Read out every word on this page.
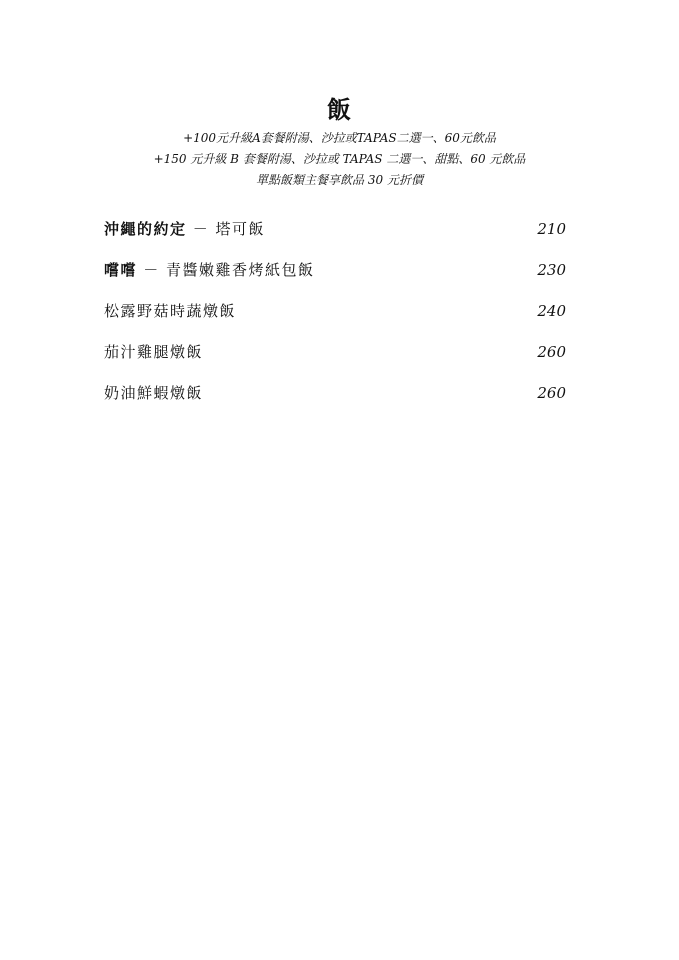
飯
+100元升級A套餐附湯、沙拉或TAPAS二選一、60元飲品
+150 元升級 B 套餐附湯、沙拉或 TAPAS 二選一、甜點、60 元飲品
單點飯類主餐享飲品 30 元折價
沖繩的約定 － 塔可飯	210
嚐嚐 － 青醬嫩雞香烤紙包飯	230
松露野菇時蔬燉飯	240
茄汁雞腿燉飯	260
奶油鮮蝦燉飯	260
